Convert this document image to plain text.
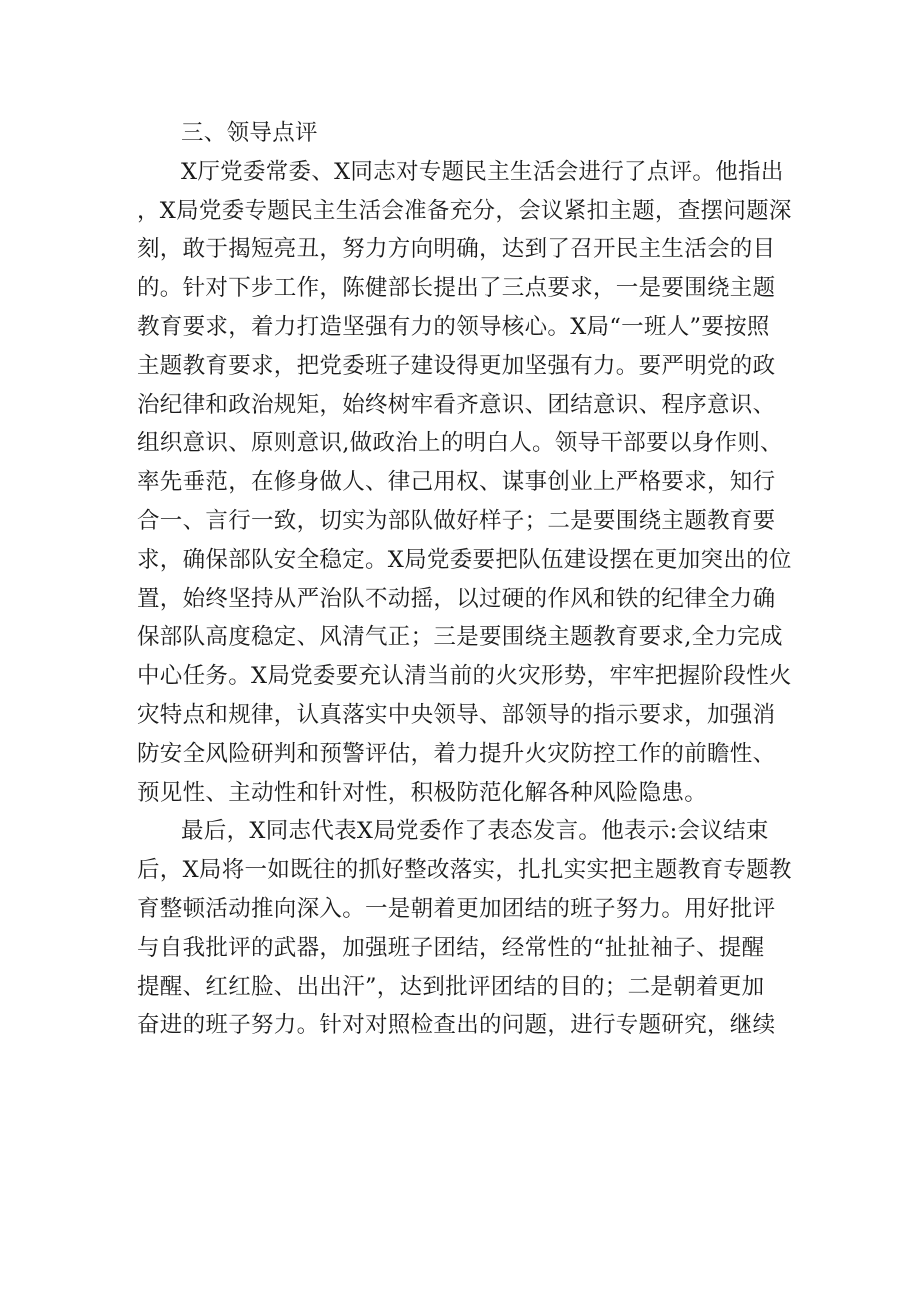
三、领导点评
X厅党委常委、X同志对专题民主生活会进行了点评。他指出
，X局党委专题民主生活会准备充分，会议紧扣主题，查摆问题深
刻，敢于揭短亮丑，努力方向明确，达到了召开民主生活会的目
的。针对下步工作，陈健部长提出了三点要求，一是要围绕主题
教育要求，着力打造坚强有力的领导核心。X局“一班人”要按照
主题教育要求，把党委班子建设得更加坚强有力。要严明党的政
治纪律和政治规矩，始终树牢看齐意识、团结意识、程序意识、
组织意识、原则意识,做政治上的明白人。领导干部要以身作则、
率先垂范，在修身做人、律己用权、谋事创业上严格要求，知行
合一、言行一致，切实为部队做好样子；二是要围绕主题教育要
求，确保部队安全稳定。X局党委要把队伍建设摆在更加突出的位
置，始终坚持从严治队不动摇，以过硬的作风和铁的纪律全力确
保部队高度稳定、风清气正；三是要围绕主题教育要求,全力完成
中心任务。X局党委要充认清当前的火灾形势，牢牢把握阶段性火
灾特点和规律，认真落实中央领导、部领导的指示要求，加强消
防安全风险研判和预警评估，着力提升火灾防控工作的前瞻性、
预见性、主动性和针对性，积极防范化解各种风险隐患。
最后，X同志代表X局党委作了表态发言。他表示:会议结束
后，X局将一如既往的抓好整改落实，扎扎实实把主题教育专题教
育整顿活动推向深入。一是朝着更加团结的班子努力。用好批评
与自我批评的武器，加强班子团结，经常性的“扯扯袖子、提醒
提醒、红红脸、出出汗”，达到批评团结的目的；二是朝着更加
奋进的班子努力。针对对照检查出的问题，进行专题研究，继续
